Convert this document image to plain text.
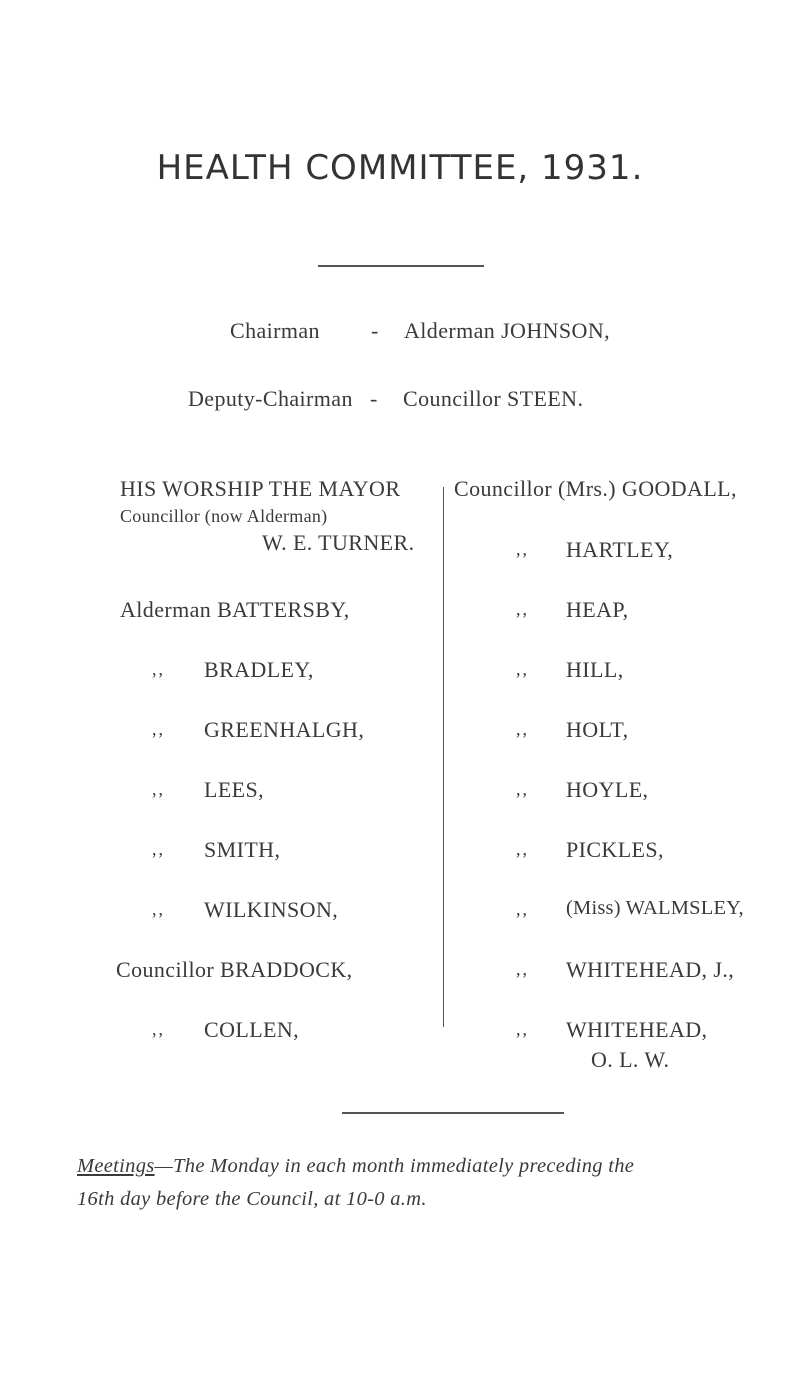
HEALTH COMMITTEE, 1931.
Chairman - Alderman JOHNSON,
Deputy-Chairman - Councillor STEEN.
HIS WORSHIP THE MAYOR
Councillor (now Alderman)
W. E. TURNER.
Alderman BATTERSBY,
,, BRADLEY,
,, GREENHALGH,
,, LEES,
,, SMITH,
,, WILKINSON,
Councillor BRADDOCK,
,, COLLEN,
Councillor (Mrs.) GOODALL,
,, HARTLEY,
,, HEAP,
,, HILL,
,, HOLT,
,, HOYLE,
,, PICKLES,
,, (Miss) WALMSLEY,
,, WHITEHEAD, J.,
,, WHITEHEAD,
O. L. W.
Meetings—The Monday in each month immediately preceding the
16th day before the Council, at 10-0 a.m.
